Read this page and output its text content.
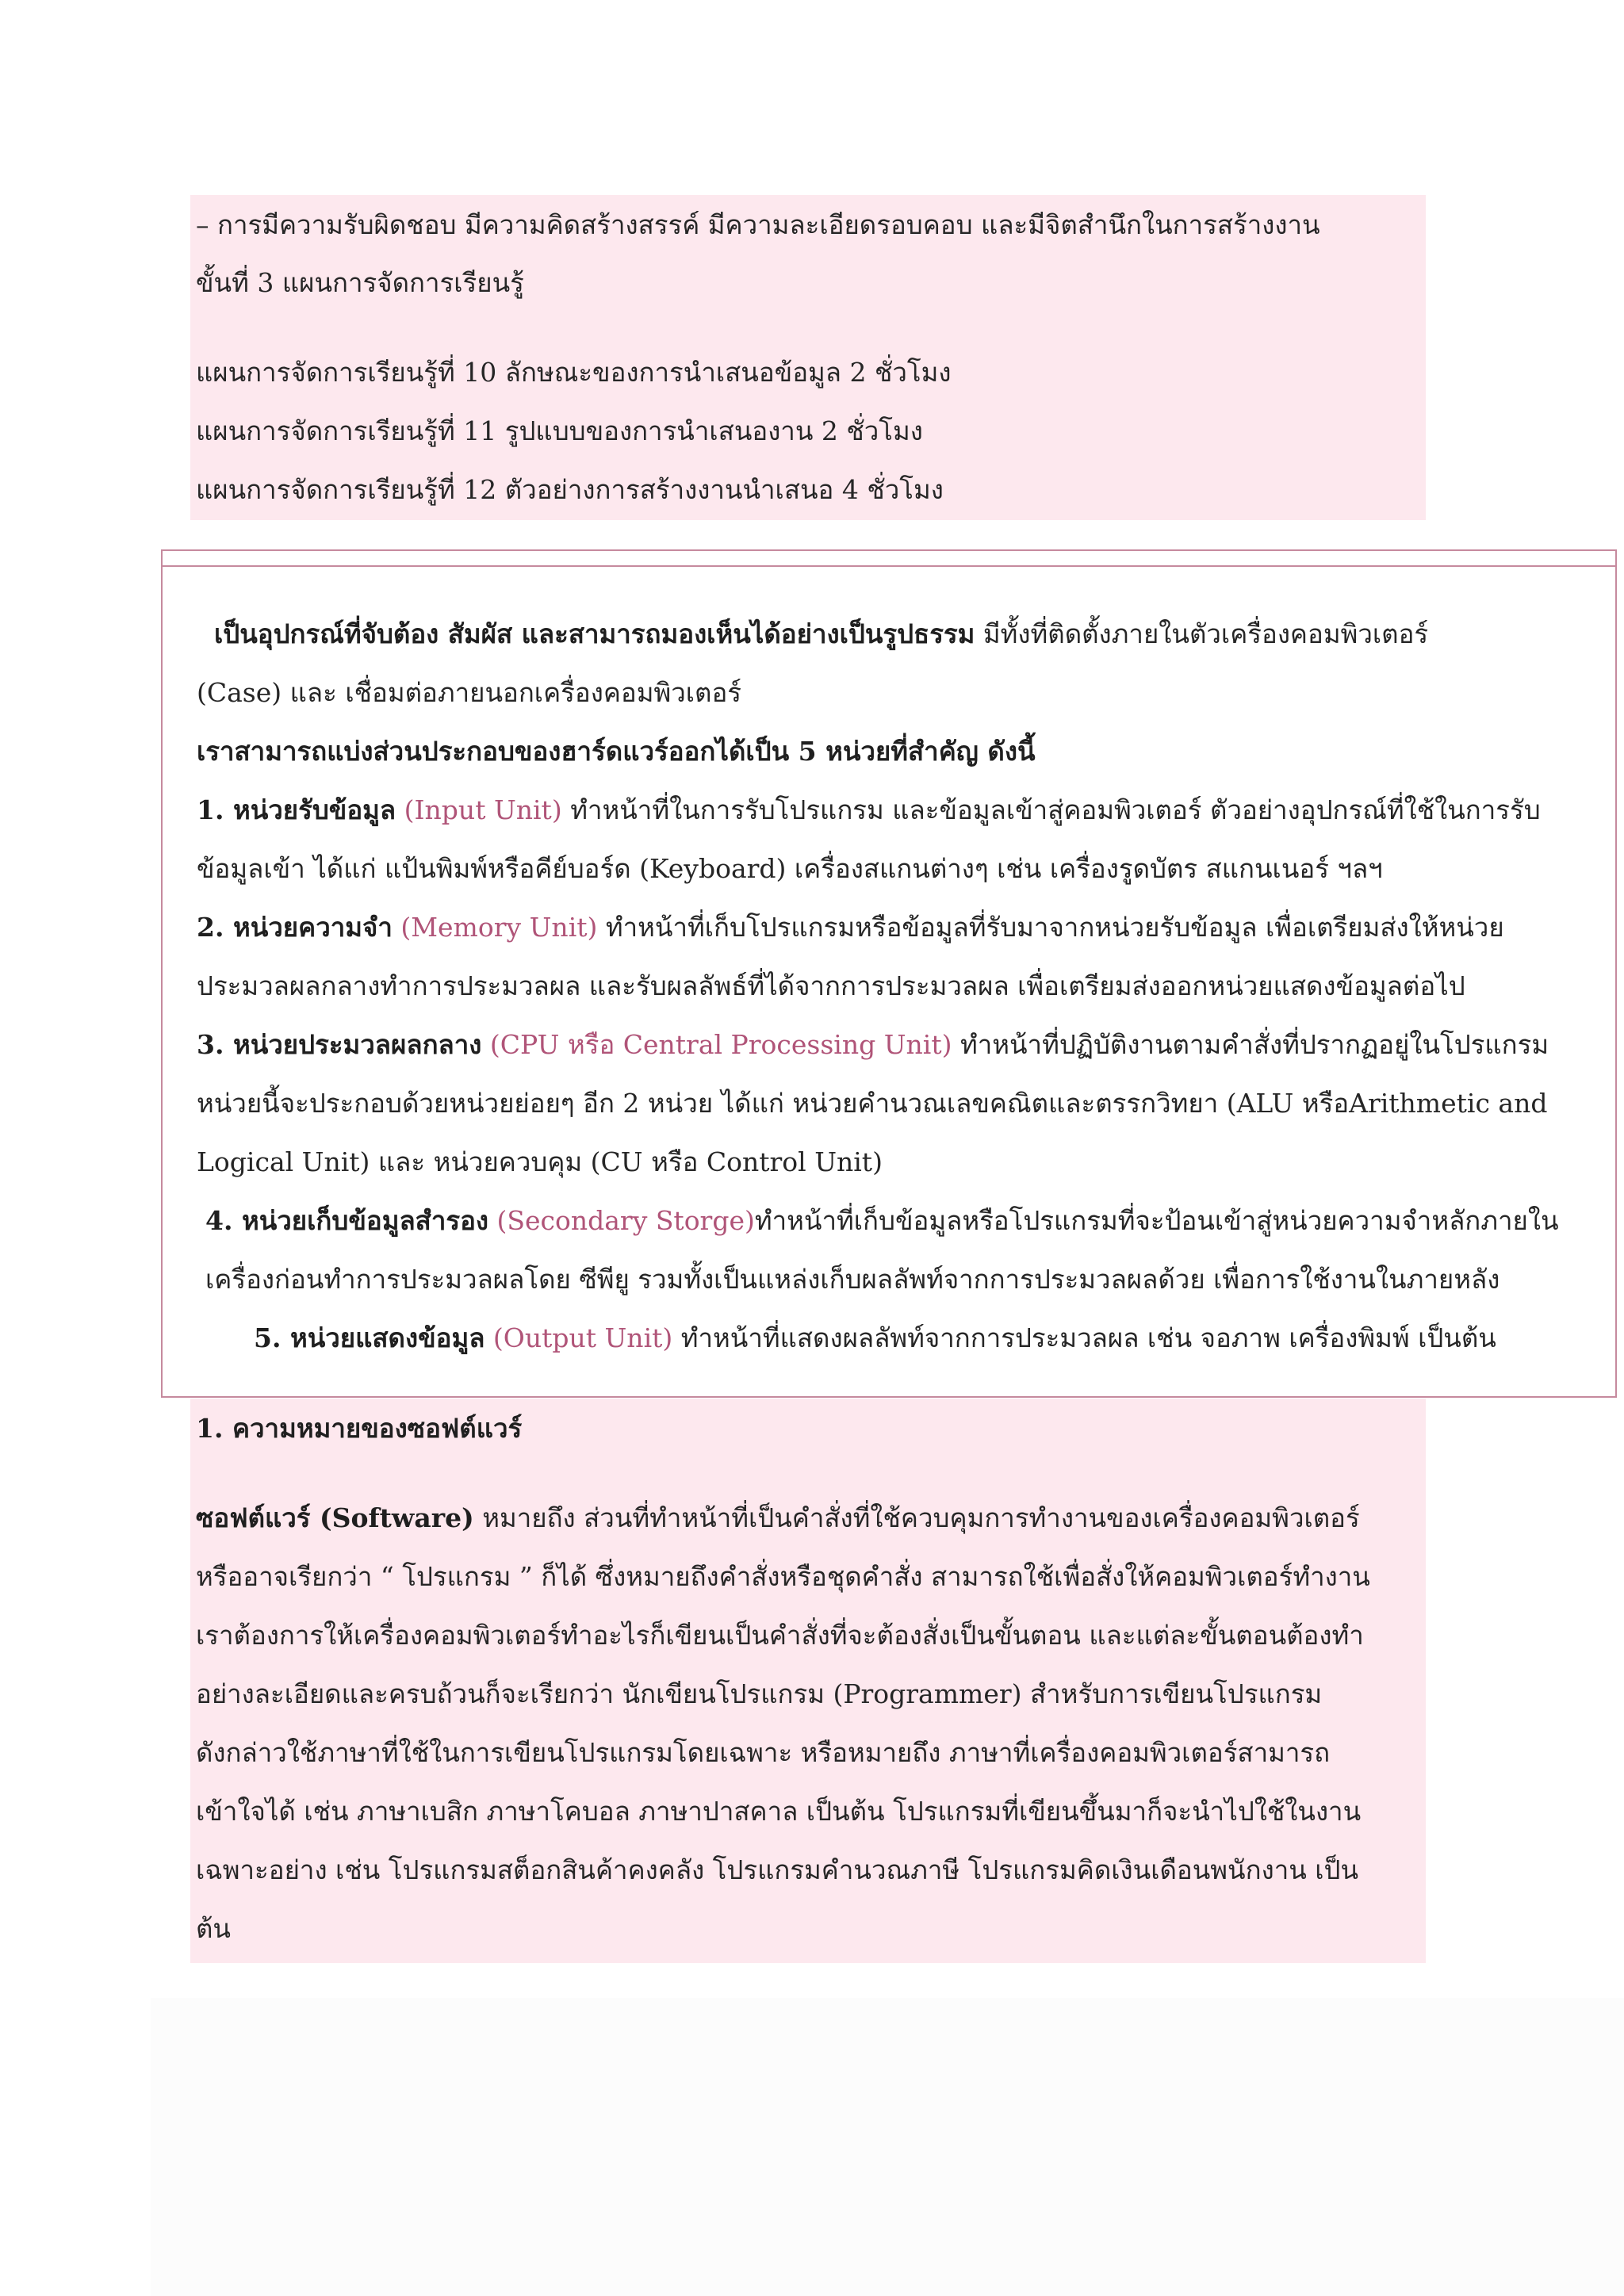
– การมีความรับผิดชอบ มีความคิดสร้างสรรค์ มีความละเอียดรอบคอบ และมีจิตสำนึกในการสร้างงาน

ขั้นที่ 3 แผนการจัดการเรียนรู้

แผนการจัดการเรียนรู้ที่ 10 ลักษณะของการนำเสนอข้อมูล 2 ชั่วโมง

แผนการจัดการเรียนรู้ที่ 11 รูปแบบของการนำเสนองาน 2 ชั่วโมง

แผนการจัดการเรียนรู้ที่ 12 ตัวอย่างการสร้างงานนำเสนอ 4 ชั่วโมง

เป็นอุปกรณ์ที่จับต้อง สัมผัส และสามารถมองเห็นได้อย่างเป็นรูปธรรม มีทั้งที่ติดตั้งภายในตัวเครื่องคอมพิวเตอร์

(Case) และ เชื่อมต่อภายนอกเครื่องคอมพิวเตอร์

เราสามารถแบ่งส่วนประกอบของฮาร์ดแวร์ออกได้เป็น 5 หน่วยที่สำคัญ ดังนี้

1. หน่วยรับข้อมูล (Input Unit) ทำหน้าที่ในการรับโปรแกรม และข้อมูลเข้าสู่คอมพิวเตอร์ ตัวอย่างอุปกรณ์ที่ใช้ในการรับ

ข้อมูลเข้า ได้แก่ แป้นพิมพ์หรือคีย์บอร์ด (Keyboard) เครื่องสแกนต่างๆ เช่น เครื่องรูดบัตร สแกนเนอร์ ฯลฯ

2. หน่วยความจำ (Memory Unit) ทำหน้าที่เก็บโปรแกรมหรือข้อมูลที่รับมาจากหน่วยรับข้อมูล เพื่อเตรียมส่งให้หน่วย

ประมวลผลกลางทำการประมวลผล และรับผลลัพธ์ที่ได้จากการประมวลผล เพื่อเตรียมส่งออกหน่วยแสดงข้อมูลต่อไป

3. หน่วยประมวลผลกลาง (CPU หรือ Central Processing Unit) ทำหน้าที่ปฏิบัติงานตามคำสั่งที่ปรากฏอยู่ในโปรแกรม

หน่วยนี้จะประกอบด้วยหน่วยย่อยๆ อีก 2 หน่วย ได้แก่ หน่วยคำนวณเลขคณิตและตรรกวิทยา (ALU หรือArithmetic and

Logical Unit) และ หน่วยควบคุม (CU หรือ Control Unit)

4. หน่วยเก็บข้อมูลสำรอง (Secondary Storge)ทำหน้าที่เก็บข้อมูลหรือโปรแกรมที่จะป้อนเข้าสู่หน่วยความจำหลักภายใน

เครื่องก่อนทำการประมวลผลโดย ซีพียู รวมทั้งเป็นแหล่งเก็บผลลัพท์จากการประมวลผลด้วย เพื่อการใช้งานในภายหลัง

5. หน่วยแสดงข้อมูล (Output Unit) ทำหน้าที่แสดงผลลัพท์จากการประมวลผล เช่น จอภาพ เครื่องพิมพ์ เป็นต้น

1. ความหมายของซอฟต์แวร์

ซอฟต์แวร์ (Software) หมายถึง ส่วนที่ทำหน้าที่เป็นคำสั่งที่ใช้ควบคุมการทำงานของเครื่องคอมพิวเตอร์

หรืออาจเรียกว่า “ โปรแกรม ” ก็ได้ ซึ่งหมายถึงคำสั่งหรือชุดคำสั่ง สามารถใช้เพื่อสั่งให้คอมพิวเตอร์ทำงาน

เราต้องการให้เครื่องคอมพิวเตอร์ทำอะไรก็เขียนเป็นคำสั่งที่จะต้องสั่งเป็นขั้นตอน และแต่ละขั้นตอนต้องทำ

อย่างละเอียดและครบถ้วนก็จะเรียกว่า นักเขียนโปรแกรม (Programmer) สำหรับการเขียนโปรแกรม

ดังกล่าวใช้ภาษาที่ใช้ในการเขียนโปรแกรมโดยเฉพาะ หรือหมายถึง ภาษาที่เครื่องคอมพิวเตอร์สามารถ

เข้าใจได้ เช่น ภาษาเบสิก ภาษาโคบอล ภาษาปาสคาล เป็นต้น โปรแกรมที่เขียนขึ้นมาก็จะนำไปใช้ในงาน

เฉพาะอย่าง เช่น โปรแกรมสต็อกสินค้าคงคลัง โปรแกรมคำนวณภาษี โปรแกรมคิดเงินเดือนพนักงาน เป็น

ต้น
